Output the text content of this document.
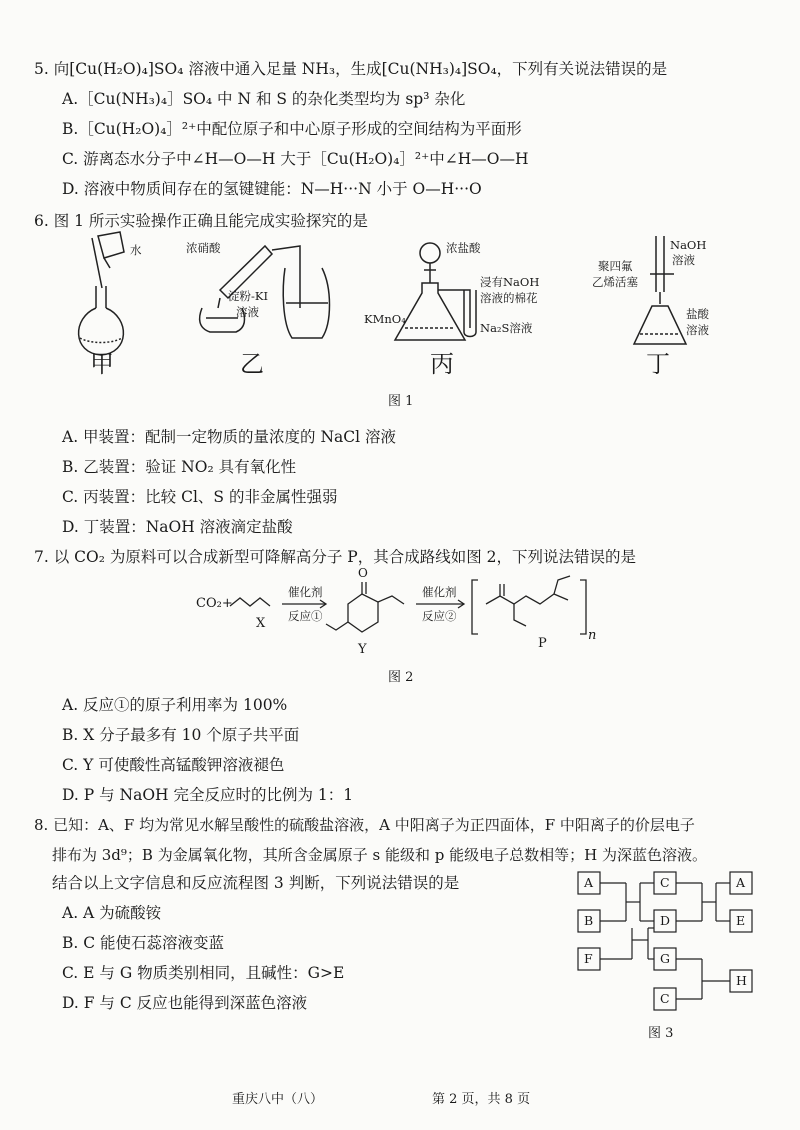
5. 向[Cu(H₂O)₄]SO₄ 溶液中通入足量 NH₃，生成[Cu(NH₃)₄]SO₄，下列有关说法错误的是
A.［Cu(NH₃)₄］SO₄ 中 N 和 S 的杂化类型均为 sp³ 杂化
B.［Cu(H₂O)₄］²⁺中配位原子和中心原子形成的空间结构为平面形
C. 游离态水分子中∠H—O—H 大于［Cu(H₂O)₄］²⁺中∠H—O—H
D. 溶液中物质间存在的氢键键能：N—H···N 小于 O—H···O
6. 图 1 所示实验操作正确且能完成实验探究的是
水	浓硝酸
淀粉-KI
溶液
浓盐酸
浸有NaOH
溶液的棉花
KMnO₄
Na₂S溶液
NaOH
溶液
聚四氟
乙烯活塞
盐酸
溶液
甲	乙	丙	丁
图 1
A. 甲装置：配制一定物质的量浓度的 NaCl 溶液
B. 乙装置：验证 NO₂ 具有氧化性
C. 丙装置：比较 Cl、S 的非金属性强弱
D. 丁装置：NaOH 溶液滴定盐酸
7. 以 CO₂ 为原料可以合成新型可降解高分子 P，其合成路线如图 2，下列说法错误的是
CO₂+
催化剂
反应①
X
催化剂
反应②
Y	P
O
n
图 2
A. 反应①的原子利用率为 100%
B. X 分子最多有 10 个原子共平面
C. Y 可使酸性高锰酸钾溶液褪色
D. P 与 NaOH 完全反应时的比例为 1：1
8. 已知：A、F 均为常见水解呈酸性的硫酸盐溶液，A 中阳离子为正四面体，F 中阳离子的价层电子
排布为 3d⁹；B 为金属氧化物，其所含金属原子 s 能级和 p 能级电子总数相等；H 为深蓝色溶液。
结合以上文字信息和反应流程图 3 判断，下列说法错误的是
A. A 为硫酸铵
B. C 能使石蕊溶液变蓝
C. E 与 G 物质类别相同，且碱性：G>E
D. F 与 C 反应也能得到深蓝色溶液
A
B
F
C
D
G
C
A
E
H
图 3
重庆八中（八）	第 2 页，共 8 页
